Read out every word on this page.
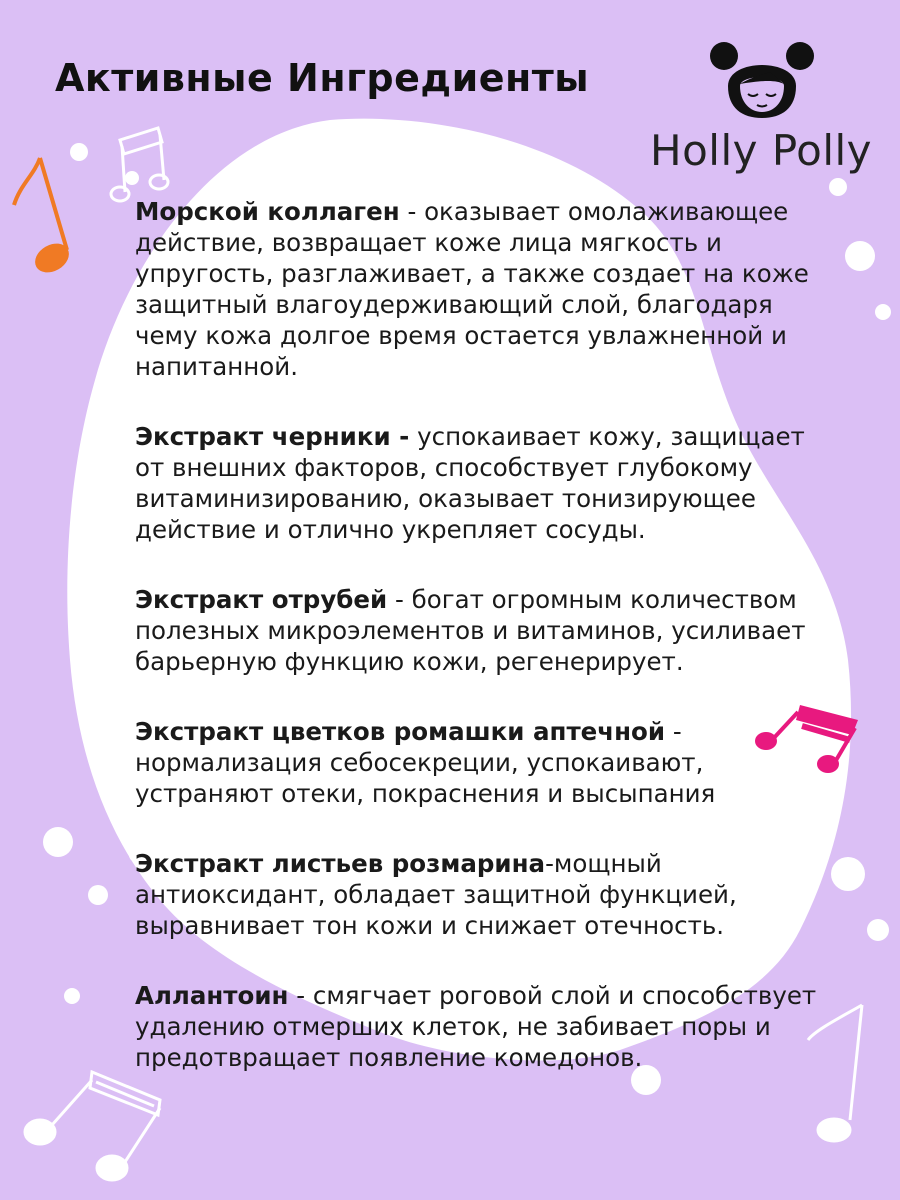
Активные Ингредиенты
Holly Polly

Морской коллаген - оказывает омолаживающее действие, возвращает коже лица мягкость и упругость, разглаживает, а также создает на коже защитный влагоудерживающий слой, благодаря чему кожа долгое время остается увлажненной и напитанной.

Экстракт черники - успокаивает кожу, защищает от внешних факторов, способствует глубокому витаминизированию, оказывает тонизирующее действие и отлично укрепляет сосуды.

Экстракт отрубей - богат огромным количеством полезных микроэлементов и витаминов, усиливает барьерную функцию кожи, регенерирует.

Экстракт цветков ромашки аптечной - нормализация себосекреции, успокаивают, устраняют отеки, покраснения и высыпания

Экстракт листьев розмарина-мощный антиоксидант, обладает защитной функцией, выравнивает тон кожи и снижает отечность.

Аллантоин - смягчает роговой слой и способствует удалению отмерших клеток, не забивает поры и предотвращает появление комедонов.
